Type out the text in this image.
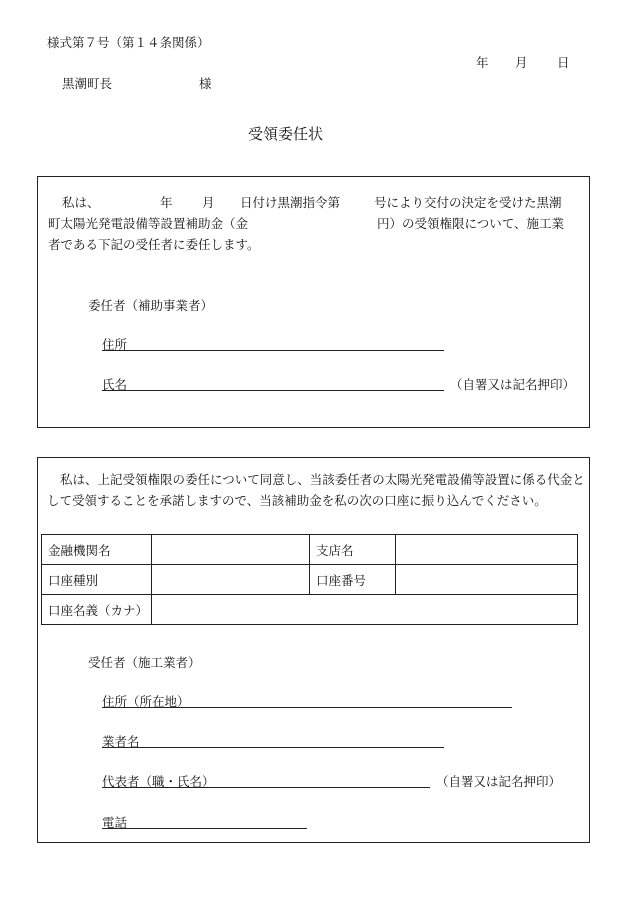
様式第７号（第１４条関係）
年 月 日
黒潮町長	様
受領委任状
私は、	年 月 日付け黒潮指令第	号により交付の決定を受けた黒潮
町太陽光発電設備等設置補助金（金	円）の受領権限について、施工業
者である下記の受任者に委任します。
委任者（補助事業者）
住所
氏名	（自署又は記名押印）
私は、上記受領権限の委任について同意し、当該委任者の太陽光発電設備等設置に係る代金として受領することを承諾しますので、当該補助金を私の次の口座に振り込んでください。
金融機関名		支店名	
口座種別		口座番号	
口座名義（カナ）			
受任者（施工業者）
住所（所在地）
業者名
代表者（職・氏名）	（自署又は記名押印）
電話
